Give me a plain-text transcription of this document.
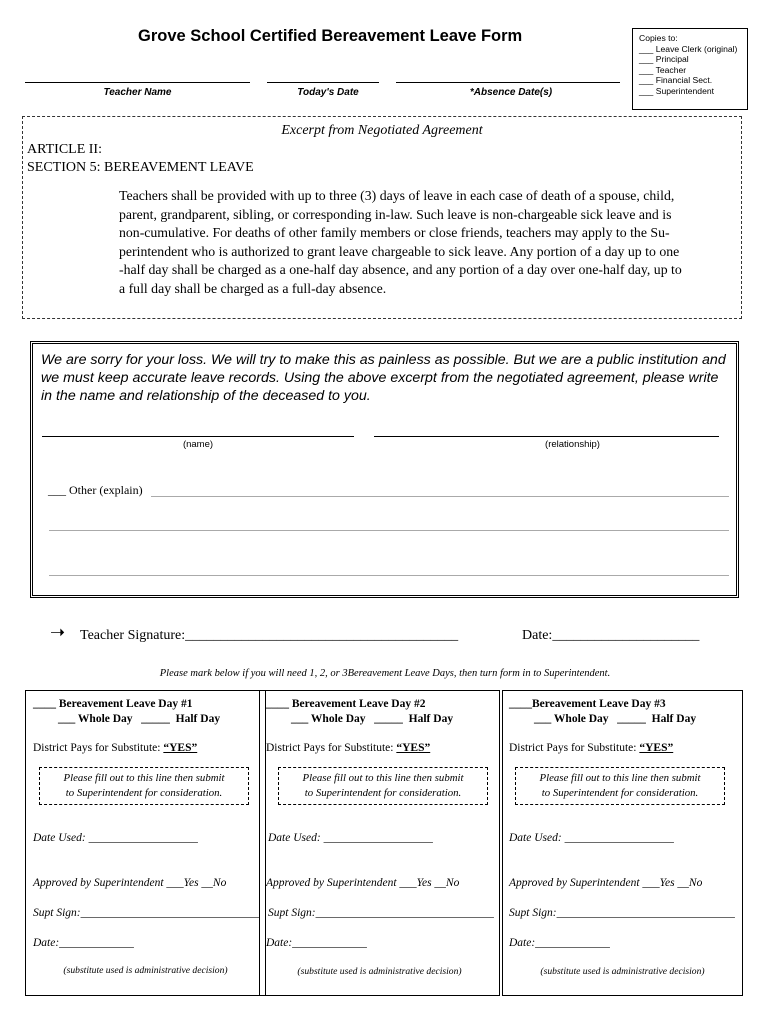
Grove School Certified Bereavement Leave Form	Copies to:
___ Leave Clerk (original)
___ Principal
___ Teacher
___ Financial Sect.
___ Superintendent
Teacher Name	Today's Date	*Absence Date(s)
Excerpt from Negotiated Agreement
ARTICLE II:
SECTION 5: BEREAVEMENT LEAVE
Teachers shall be provided with up to three (3) days of leave in each case of death of a spouse, child,
parent, grandparent, sibling, or corresponding in-law. Such leave is non-chargeable sick leave and is
non-cumulative. For deaths of other family members or close friends, teachers may apply to the Su-
perintendent who is authorized to grant leave chargeable to sick leave. Any portion of a day up to one
-half day shall be charged as a one-half day absence, and any portion of a day over one-half day, up to
a full day shall be charged as a full-day absence.
We are sorry for your loss. We will try to make this as painless as possible. But we are a public institution and we must keep accurate leave records. Using the above excerpt from the negotiated agreement, please write in the name and relationship of the deceased to you.
(name)	(relationship)
___ Other (explain)
➝ Teacher Signature:_______________________________________	Date:_____________________
Please mark below if you will need 1, 2, or 3Bereavement Leave Days, then turn form in to Superintendent.
____ Bereavement Leave Day #1
___ Whole Day   _____  Half Day
District Pays for Substitute: “YES”
Please fill out to this line then submit
to Superintendent for consideration.
Date Used: ___________________
Approved by Superintendent ___Yes __No
Supt Sign:_______________________________
Date:_____________
(substitute used is administrative decision)
____ Bereavement Leave Day #2
___ Whole Day   _____  Half Day
District Pays for Substitute: “YES”
Please fill out to this line then submit
to Superintendent for consideration.
Date Used: ___________________
Approved by Superintendent ___Yes __No
Supt Sign:_______________________________
Date:_____________
(substitute used is administrative decision)
____Bereavement Leave Day #3
___ Whole Day   _____  Half Day
District Pays for Substitute: “YES”
Please fill out to this line then submit
to Superintendent for consideration.
Date Used: ___________________
Approved by Superintendent ___Yes __No
Supt Sign:_______________________________
Date:_____________
(substitute used is administrative decision)
